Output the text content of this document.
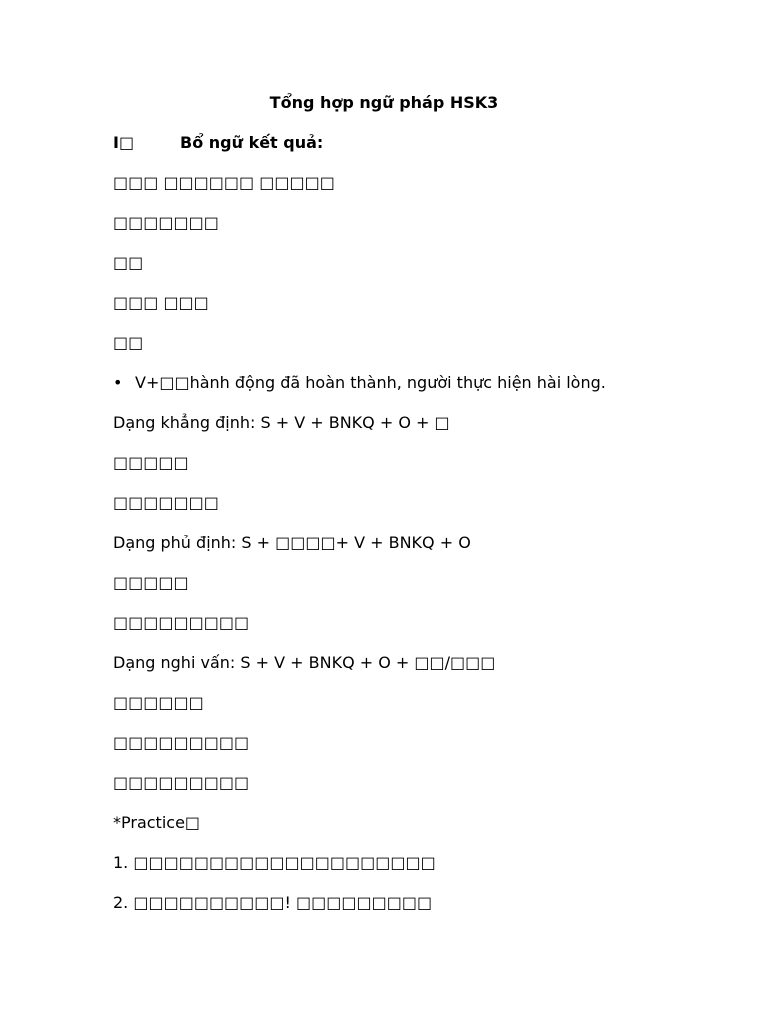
Tổng hợp ngữ pháp HSK3
I□	Bổ ngữ kết quả:
□□□ □□□□□□ □□□□□
□□□□□□□
□□
□□□ □□□
□□
• V+□□hành động đã hoàn thành, người thực hiện hài lòng.
Dạng khẳng định: S + V + BNKQ + O + □
□□□□□
□□□□□□□
Dạng phủ định: S + □□□□+ V + BNKQ + O
□□□□□
□□□□□□□□□
Dạng nghi vấn: S + V + BNKQ + O + □□/□□□
□□□□□□
□□□□□□□□□
□□□□□□□□□
*Practice□
1. □□□□□□□□□□□□□□□□□□□□
2. □□□□□□□□□□! □□□□□□□□□
